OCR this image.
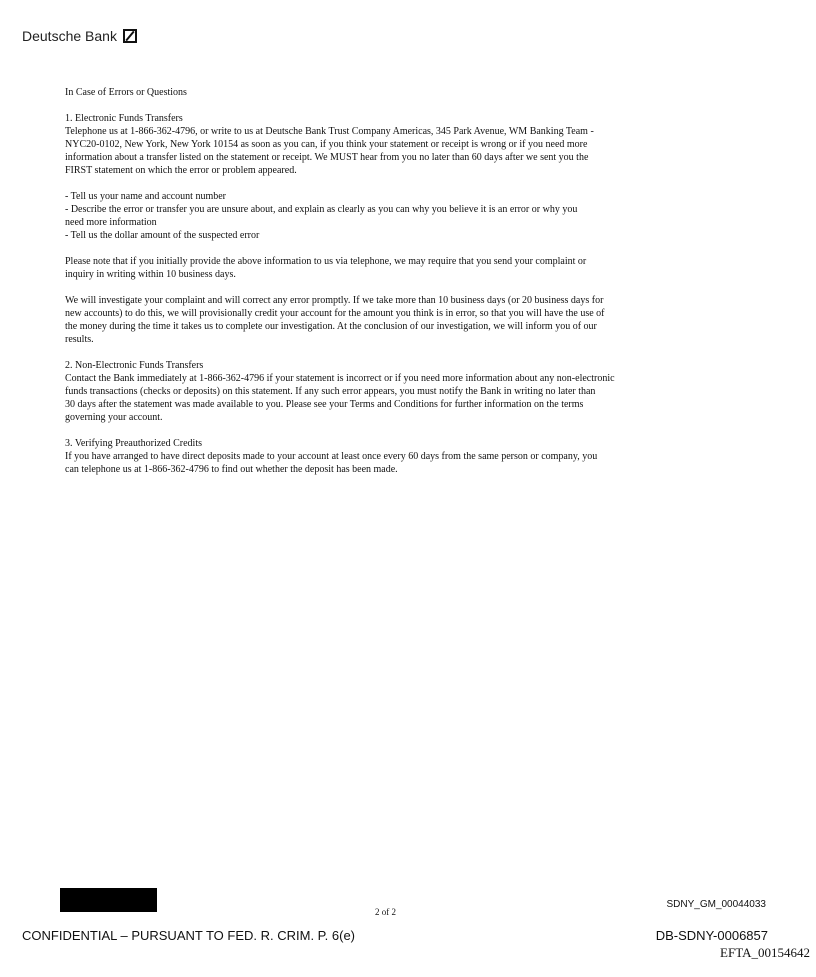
Deutsche Bank

In Case of Errors or Questions

1. Electronic Funds Transfers
Telephone us at 1-866-362-4796, or write to us at Deutsche Bank Trust Company Americas, 345 Park Avenue, WM Banking Team -
NYC20-0102, New York, New York 10154 as soon as you can, if you think your statement or receipt is wrong or if you need more
information about a transfer listed on the statement or receipt. We MUST hear from you no later than 60 days after we sent you the
FIRST statement on which the error or problem appeared.

- Tell us your name and account number
- Describe the error or transfer you are unsure about, and explain as clearly as you can why you believe it is an error or why you
need more information
- Tell us the dollar amount of the suspected error

Please note that if you initially provide the above information to us via telephone, we may require that you send your complaint or
inquiry in writing within 10 business days.

We will investigate your complaint and will correct any error promptly. If we take more than 10 business days (or 20 business days for
new accounts) to do this, we will provisionally credit your account for the amount you think is in error, so that you will have the use of
the money during the time it takes us to complete our investigation. At the conclusion of our investigation, we will inform you of our
results.

2. Non-Electronic Funds Transfers
Contact the Bank immediately at 1-866-362-4796 if your statement is incorrect or if you need more information about any non-electronic
funds transactions (checks or deposits) on this statement. If any such error appears, you must notify the Bank in writing no later than
30 days after the statement was made available to you. Please see your Terms and Conditions for further information on the terms
governing your account.

3. Verifying Preauthorized Credits
If you have arranged to have direct deposits made to your account at least once every 60 days from the same person or company, you
can telephone us at 1-866-362-4796 to find out whether the deposit has been made.

2 of 2
CONFIDENTIAL – PURSUANT TO FED. R. CRIM. P. 6(e)
SDNY_GM_00044033
DB-SDNY-0006857
EFTA_00154642
